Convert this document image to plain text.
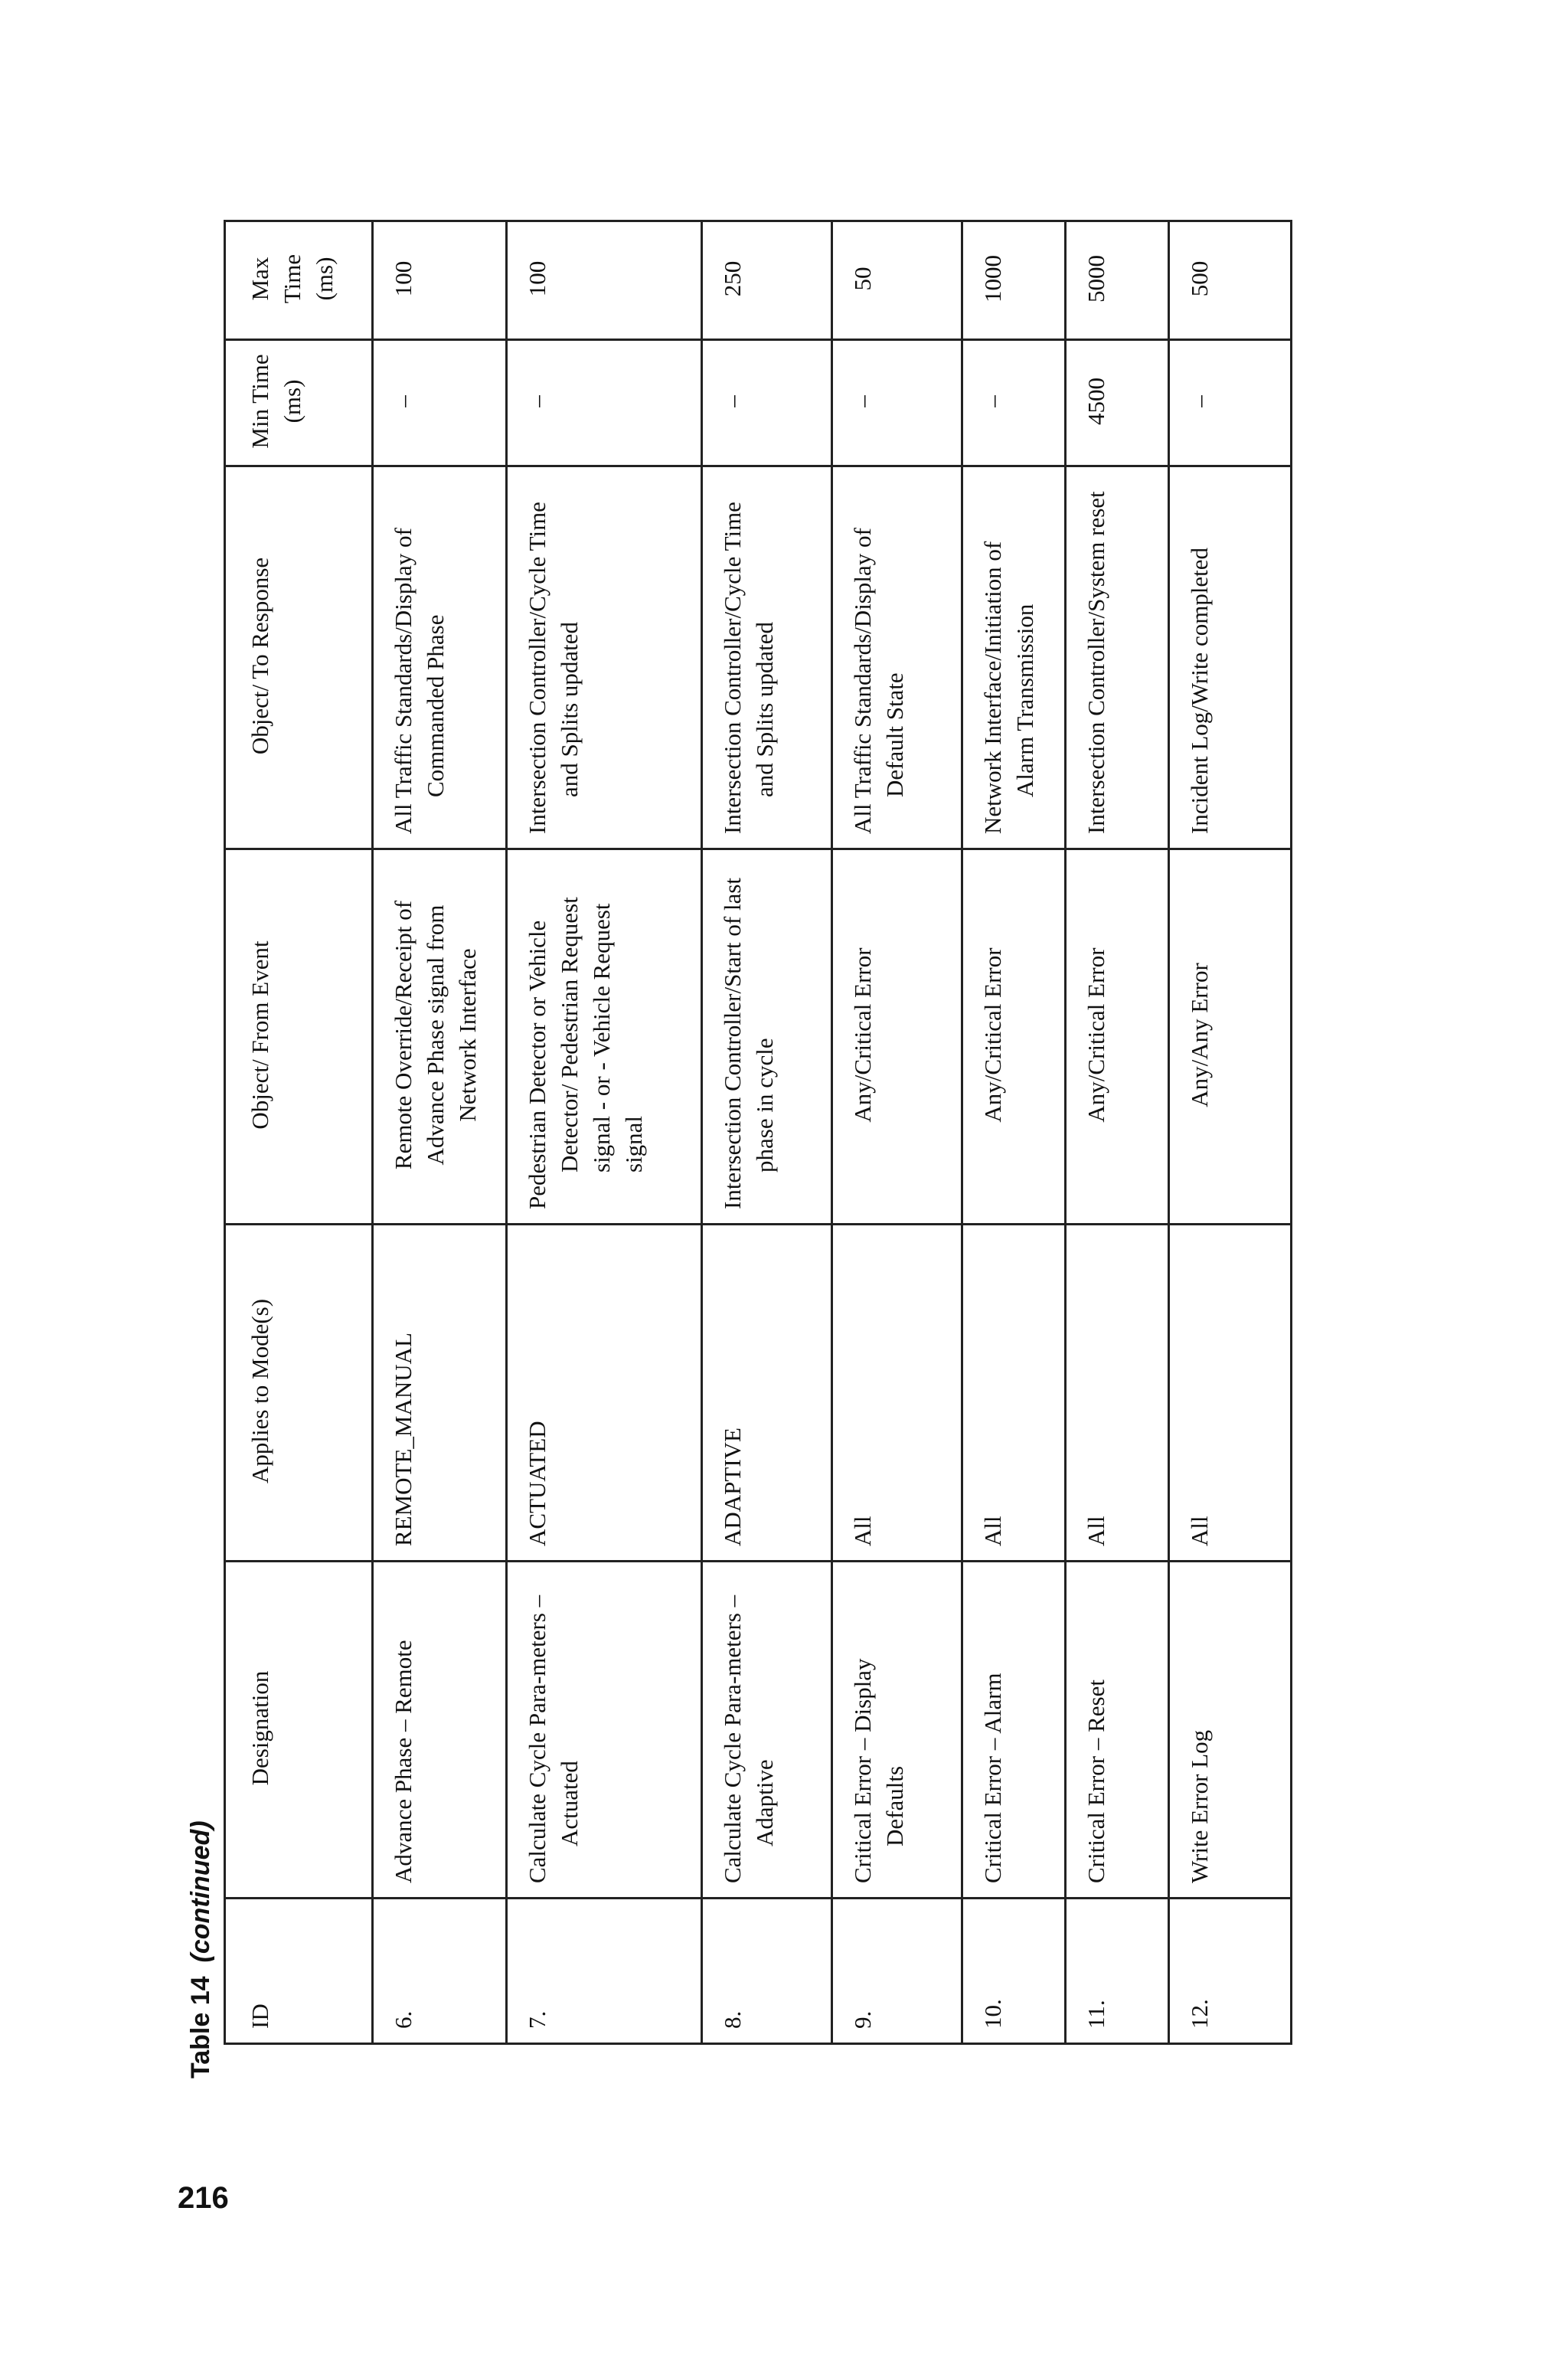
216
Table 14(continued)
ID	Designation	Applies to Mode(s)	Object/ From Event	Object/ To Response	Min Time (ms)	Max Time (ms)
6.	Advance Phase – Remote	REMOTE_MANUAL	Remote Override/Receipt of Advance Phase signal from Network Interface	All Traffic Standards/Display of Commanded Phase	–	100
7.	Calculate Cycle Para-meters – Actuated	ACTUATED	Pedestrian Detector or Vehicle Detector/ Pedestrian Request signal - or - Vehicle Request signal	Intersection Controller/Cycle Time and Splits updated	–	100
8.	Calculate Cycle Para-meters – Adaptive	ADAPTIVE	Intersection Controller/Start of last phase in cycle	Intersection Controller/Cycle Time and Splits updated	–	250
9.	Critical Error – Display Defaults	All	Any/Critical Error	All Traffic Standards/Display of Default State	–	50
10.	Critical Error – Alarm	All	Any/Critical Error	Network Interface/Initiation of Alarm Transmission	–	1000
11.	Critical Error – Reset	All	Any/Critical Error	Intersection Controller/System reset	4500	5000
12.	Write Error Log	All	Any/Any Error	Incident Log/Write completed	–	500
